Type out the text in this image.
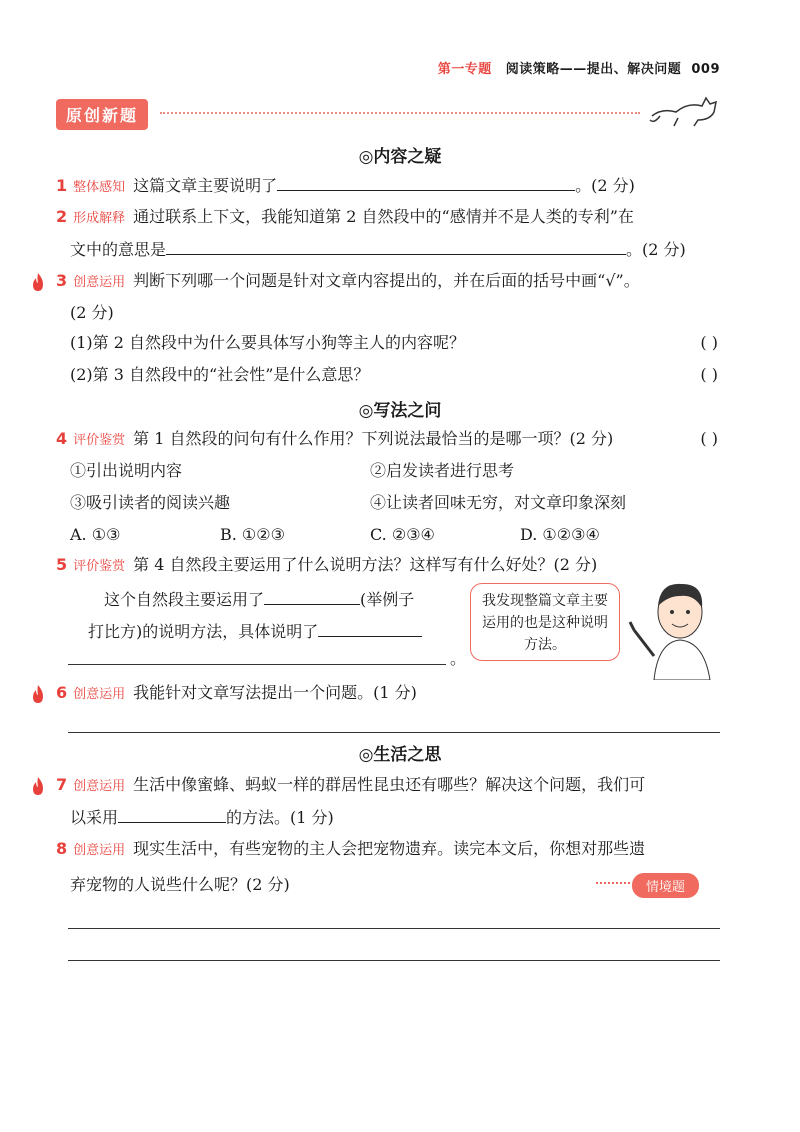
第一专题 阅读策略——提出、解决问题 009
原创新题
◎内容之疑
1 整体感知 这篇文章主要说明了	。(2 分)
2 形成解释 通过联系上下文，我能知道第 2 自然段中的“感情并不是人类的专利”在
文中的意思是	。(2 分)
3 创意运用 判断下列哪一个问题是针对文章内容提出的，并在后面的括号中画“√”。
(2 分)
(1)第 2 自然段中为什么要具体写小狗等主人的内容呢？	( )
(2)第 3 自然段中的“社会性”是什么意思？	( )
◎写法之问
4 评价鉴赏 第 1 自然段的问句有什么作用？下列说法最恰当的是哪一项？(2 分)	( )
①引出说明内容	②启发读者进行思考
③吸引读者的阅读兴趣	④让读者回味无穷，对文章印象深刻
A. ①③	B. ①②③	C. ②③④	D. ①②③④
5 评价鉴赏 第 4 自然段主要运用了什么说明方法？这样写有什么好处？(2 分)
这个自然段主要运用了	(举例子
打比方)的说明方法，具体说明了
。
我发现整篇文章主要运用的也是这种说明方法。
6 创意运用 我能针对文章写法提出一个问题。(1 分)
◎生活之思
7 创意运用 生活中像蜜蜂、蚂蚁一样的群居性昆虫还有哪些？解决这个问题，我们可
以采用	的方法。(1 分)
8 创意运用 现实生活中，有些宠物的主人会把宠物遗弃。读完本文后，你想对那些遗
弃宠物的人说些什么呢？(2 分)	情境题
